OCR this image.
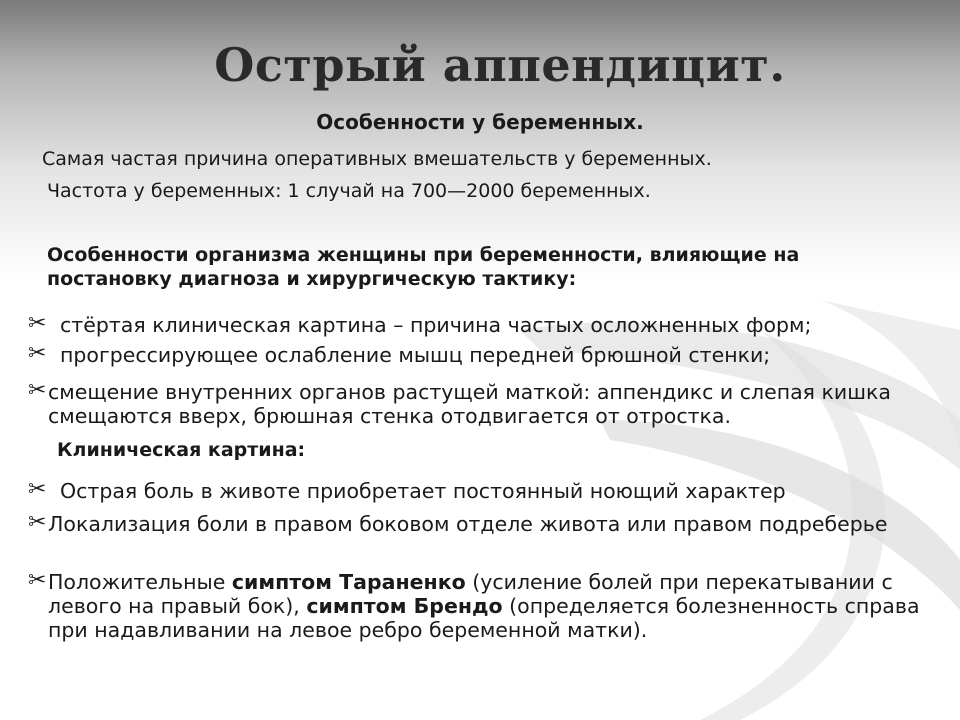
Острый аппендицит.
Особенности у беременных.

Самая частая причина оперативных вмешательств у беременных.

Частота у беременных: 1 случай на 700—2000 беременных.

Особенности организма женщины при беременности, влияющие на постановку диагноза и хирургическую тактику:

✂ стёртая клиническая картина – причина частых осложненных форм;
✂ прогрессирующее ослабление мышц передней брюшной стенки;
✂ смещение внутренних органов растущей маткой: аппендикс и слепая кишка смещаются вверх, брюшная стенка отодвигается от отростка.

Клиническая картина:

✂ Острая боль в животе приобретает постоянный ноющий характер
✂ Локализация боли в правом боковом отделе живота или правом подреберье
✂ Положительные симптом Тараненко (усиление болей при перекатывании с левого на правый бок), симптом Брендо (определяется болезненность справа при надавливании на левое ребро беременной матки).
